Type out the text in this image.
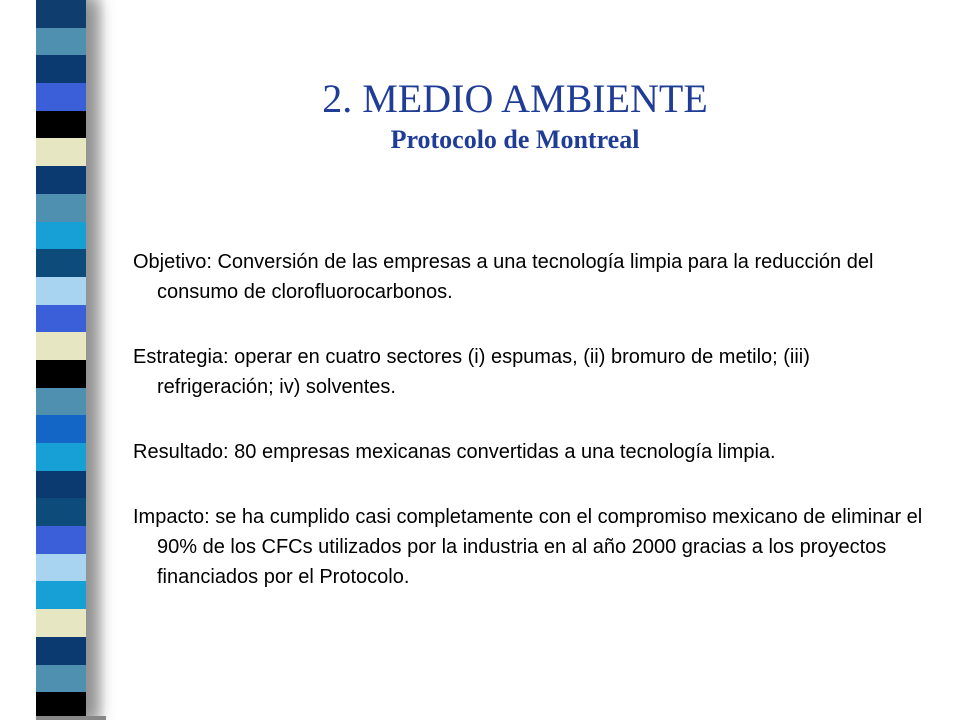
2. MEDIO AMBIENTE
Protocolo de Montreal

Objetivo: Conversión de las empresas a una tecnología limpia para la reducción del consumo de clorofluorocarbonos.

Estrategia: operar en cuatro sectores (i) espumas, (ii) bromuro de metilo; (iii) refrigeración; iv) solventes.

Resultado: 80 empresas mexicanas convertidas a una tecnología limpia.

Impacto: se ha cumplido casi completamente con el compromiso mexicano de eliminar el 90% de los CFCs utilizados por la industria en al año 2000 gracias a los proyectos financiados por el Protocolo.
